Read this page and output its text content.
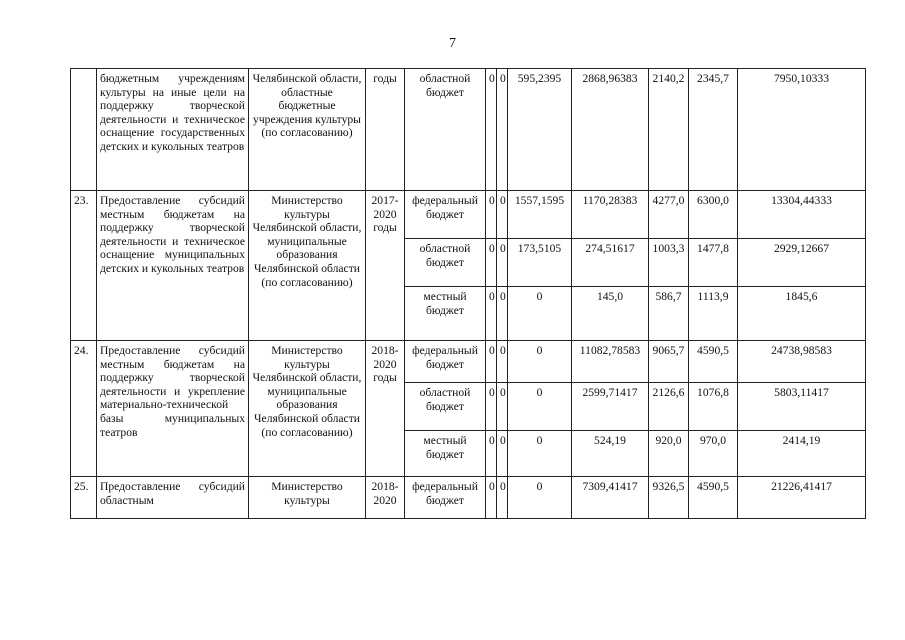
7
	бюджетным учреждениям культуры на иные цели на поддержку творческой деятельности и техническое оснащение государственных детских и кукольных театров	Челябинской области, областные бюджетные учреждения культуры (по согласованию)	годы	областной бюджет	0	0	595,2395	2868,96383	2140,2	2345,7	7950,10333
23.	Предоставление субсидий местным бюджетам на поддержку творческой деятельности и техническое оснащение муниципальных детских и кукольных театров	Министерство культуры Челябинской области, муниципальные образования Челябинской области (по согласованию)	2017-2020 годы	федеральный бюджет	0	0	1557,1595	1170,28383	4277,0	6300,0	13304,44333
				областной бюджет	0	0	173,5105	274,51617	1003,3	1477,8	2929,12667
				местный бюджет	0	0	0	145,0	586,7	1113,9	1845,6
24.	Предоставление субсидий местным бюджетам на поддержку творческой деятельности и укрепление материально-технической базы муниципальных театров	Министерство культуры Челябинской области, муниципальные образования Челябинской области (по согласованию)	2018-2020 годы	федеральный бюджет	0	0	0	11082,78583	9065,7	4590,5	24738,98583
				областной бюджет	0	0	0	2599,71417	2126,6	1076,8	5803,11417
				местный бюджет	0	0	0	524,19	920,0	970,0	2414,19
25.	Предоставление субсидий областным	Министерство культуры	2018-2020	федеральный бюджет	0	0	0	7309,41417	9326,5	4590,5	21226,41417
